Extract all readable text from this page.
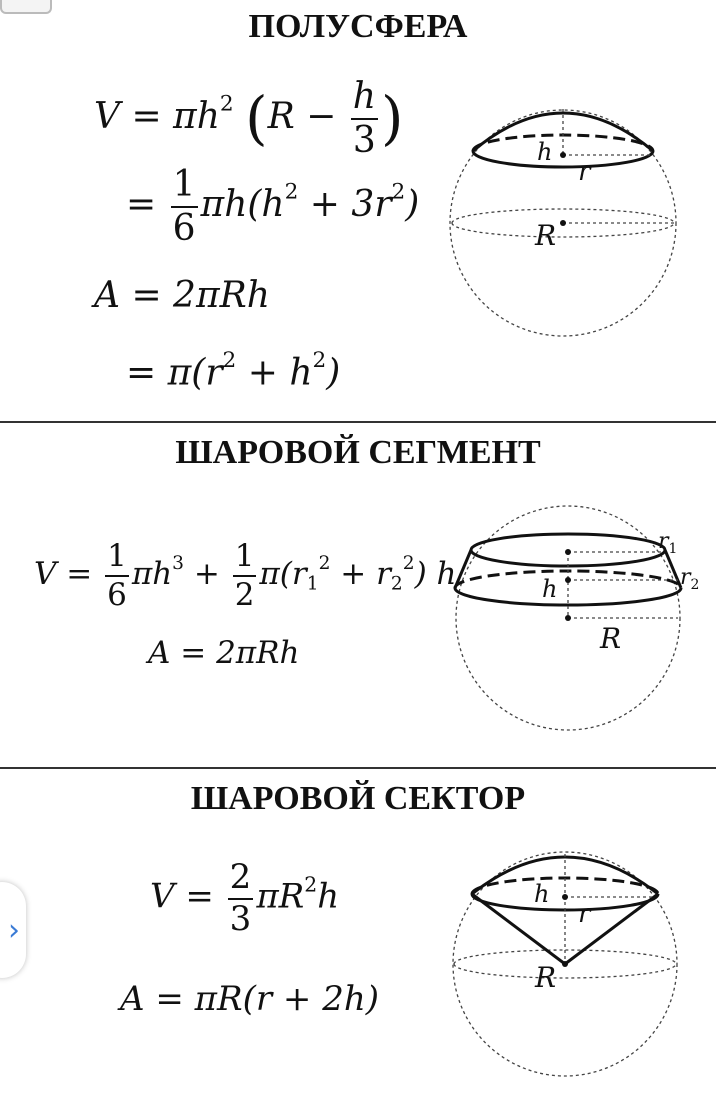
ПОЛУСФЕРА
$V = \pi h^2$ ($R - \frac{h}{3}$ )
= $\frac{1}{6} \pi h(h^2 + 3r^2)$
A = 2πRh
= $\pi(r^2 + h^2)$
h
r
R
ШАРОВОЙ СЕГМЕНТ
$V = \frac{1}{6} \pi h^3 + \frac{1}{2} \pi(r_1^2 + r_2^2)$ h
A = 2πRh
h
$r_1$
$r_2$
R
ШАРОВОЙ СЕКТОР
$V = \frac{2}{3} \pi R^2h$
A = πR(r + 2h)
h
r
R
›
